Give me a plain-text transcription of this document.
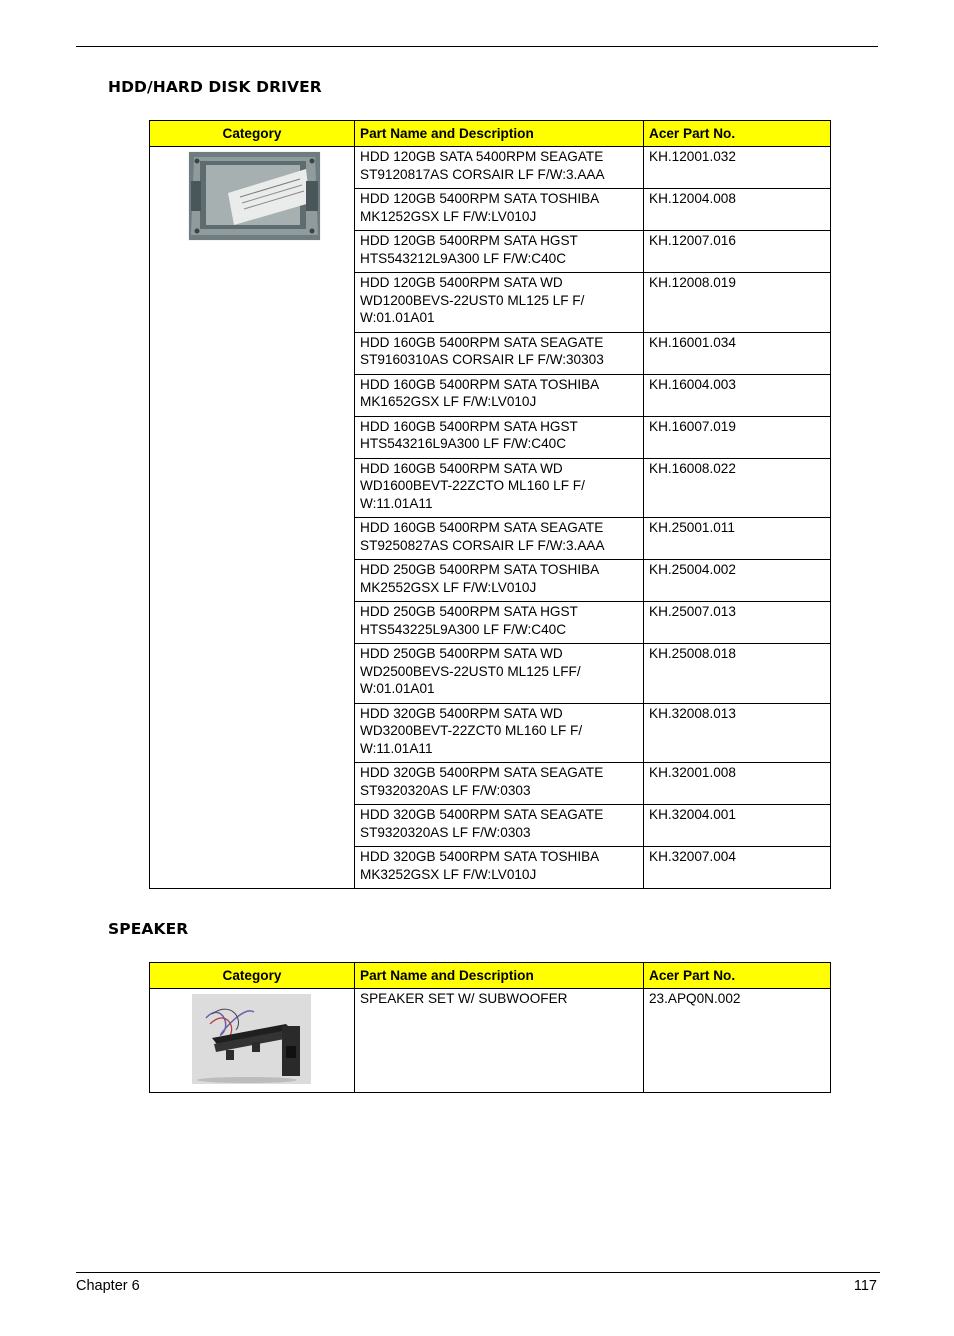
HDD/HARD DISK DRIVER
Category	Part Name and Description	Acer Part No.

	HDD 120GB SATA 5400RPM SEAGATE ST9120817AS CORSAIR LF F/W:3.AAA	KH.12001.032
	HDD 120GB 5400RPM SATA TOSHIBA MK1252GSX LF F/W:LV010J	KH.12004.008
	HDD 120GB 5400RPM SATA HGST HTS543212L9A300 LF F/W:C40C	KH.12007.016
	HDD 120GB 5400RPM SATA WD WD1200BEVS-22UST0 ML125 LF F/ W:01.01A01	KH.12008.019
	HDD 160GB 5400RPM SATA SEAGATE ST9160310AS CORSAIR LF F/W:30303	KH.16001.034
	HDD 160GB 5400RPM SATA TOSHIBA MK1652GSX LF F/W:LV010J	KH.16004.003
	HDD 160GB 5400RPM SATA HGST HTS543216L9A300 LF F/W:C40C	KH.16007.019
	HDD 160GB 5400RPM SATA WD WD1600BEVT-22ZCTO ML160 LF F/ W:11.01A11	KH.16008.022
	HDD 160GB 5400RPM SATA SEAGATE ST9250827AS CORSAIR LF F/W:3.AAA	KH.25001.011
	HDD 250GB 5400RPM SATA TOSHIBA MK2552GSX LF F/W:LV010J	KH.25004.002
	HDD 250GB 5400RPM SATA HGST HTS543225L9A300 LF F/W:C40C	KH.25007.013
	HDD 250GB 5400RPM SATA WD WD2500BEVS-22UST0 ML125 LFF/ W:01.01A01	KH.25008.018
	HDD 320GB 5400RPM SATA WD WD3200BEVT-22ZCT0 ML160 LF F/ W:11.01A11	KH.32008.013
	HDD 320GB 5400RPM SATA SEAGATE ST9320320AS LF F/W:0303	KH.32001.008
	HDD 320GB 5400RPM SATA SEAGATE ST9320320AS LF F/W:0303	KH.32004.001
	HDD 320GB 5400RPM SATA TOSHIBA MK3252GSX LF F/W:LV010J	KH.32007.004
SPEAKER
Category	Part Name and Description	Acer Part No.

	SPEAKER SET W/ SUBWOOFER	23.APQ0N.002
Chapter 6	117
